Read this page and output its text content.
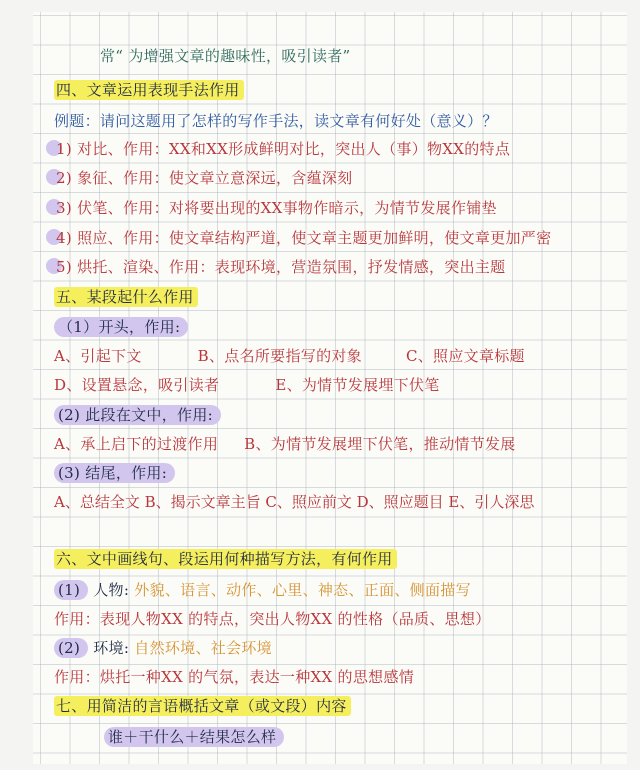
常“ 为增强文章的趣味性，吸引读者”
四、文章运用表现手法作用
例题：请问这题用了怎样的写作手法，读文章有何好处（意义）？
1) 对比、作用：XX和XX形成鲜明对比，突出人（事）物XX的特点
2) 象征、作用：使文章立意深远，含蕴深刻
3) 伏笔、作用：对将要出现的XX事物作暗示，为情节发展作铺垫
4) 照应、作用：使文章结构严道，使文章主题更加鲜明，使文章更加严密
5) 烘托、渲染、作用：表现环境，营造氛围，抒发情感，突出主题
五、某段起什么作用
（1）开头，作用:
A、引起下文	B、点名所要指写的对象	C、照应文章标题
D、设置悬念，吸引读者	E、为情节发展埋下伏笔
(2) 此段在文中，作用:
A、承上启下的过渡作用 B、为情节发展埋下伏笔，推动情节发展
(3) 结尾，作用:
A、总结全文 B、揭示文章主旨 C、照应前文 D、照应题目 E、引人深思
六、文中画线句、段运用何种描写方法，有何作用
(1) 人物: 外貌、语言、动作、心里、神态、正面、侧面描写
作用：表现人物XX 的特点，突出人物XX 的性格（品质、思想）
(2) 环境: 自然环境、社会环境
作用：烘托一种XX 的气氛，表达一种XX 的思想感情
七、用简洁的言语概括文章（或文段）内容
谁＋干什么＋结果怎么样
